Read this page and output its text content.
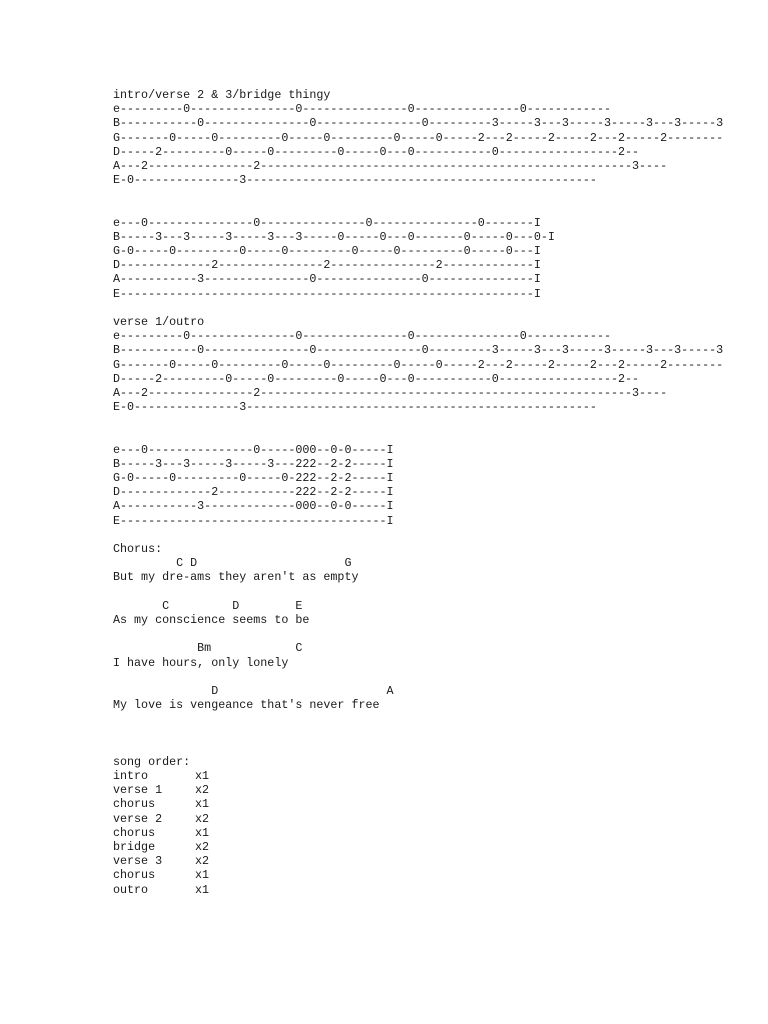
intro/verse 2 & 3/bridge thingy
e---------0---------------0---------------0---------------0------------
B-----------0---------------0---------------0---------3-----3---3-----3-----3---3-----3
G-------0-----0---------0-----0---------0-----0-----2---2-----2-----2---2-----2--------
D-----2---------0-----0---------0-----0---0-----------0-----------------2--
A---2---------------2-----------------------------------------------------3----
E-0---------------3--------------------------------------------------
e---0---------------0---------------0---------------0-------I
B-----3---3-----3-----3---3-----0-----0---0-------0-----0---0-I
G-0-----0---------0-----0---------0-----0---------0-----0---I
D-------------2---------------2---------------2-------------I
A-----------3---------------0---------------0---------------I
E-----------------------------------------------------------I
verse 1/outro
e---------0---------------0---------------0---------------0------------
B-----------0---------------0---------------0---------3-----3---3-----3-----3---3-----3
G-------0-----0---------0-----0---------0-----0-----2---2-----2-----2---2-----2--------
D-----2---------0-----0---------0-----0---0-----------0-----------------2--
A---2---------------2-----------------------------------------------------3----
E-0---------------3--------------------------------------------------
e---0---------------0-----000--0-0-----I
B-----3---3-----3-----3---222--2-2-----I
G-0-----0---------0-----0-222--2-2-----I
D-------------2-----------222--2-2-----I
A-----------3-------------000--0-0-----I
E--------------------------------------I
Chorus:
C D                     G
But my dre-ams they aren't as empty
C         D        E
As my conscience seems to be
Bm            C
I have hours, only lonely
D                        A
My love is vengeance that's never free
song order:
intro	x1
verse 1	x2
chorus	x1
verse 2	x2
chorus	x1
bridge	x2
verse 3	x2
chorus	x1
outro	x1
